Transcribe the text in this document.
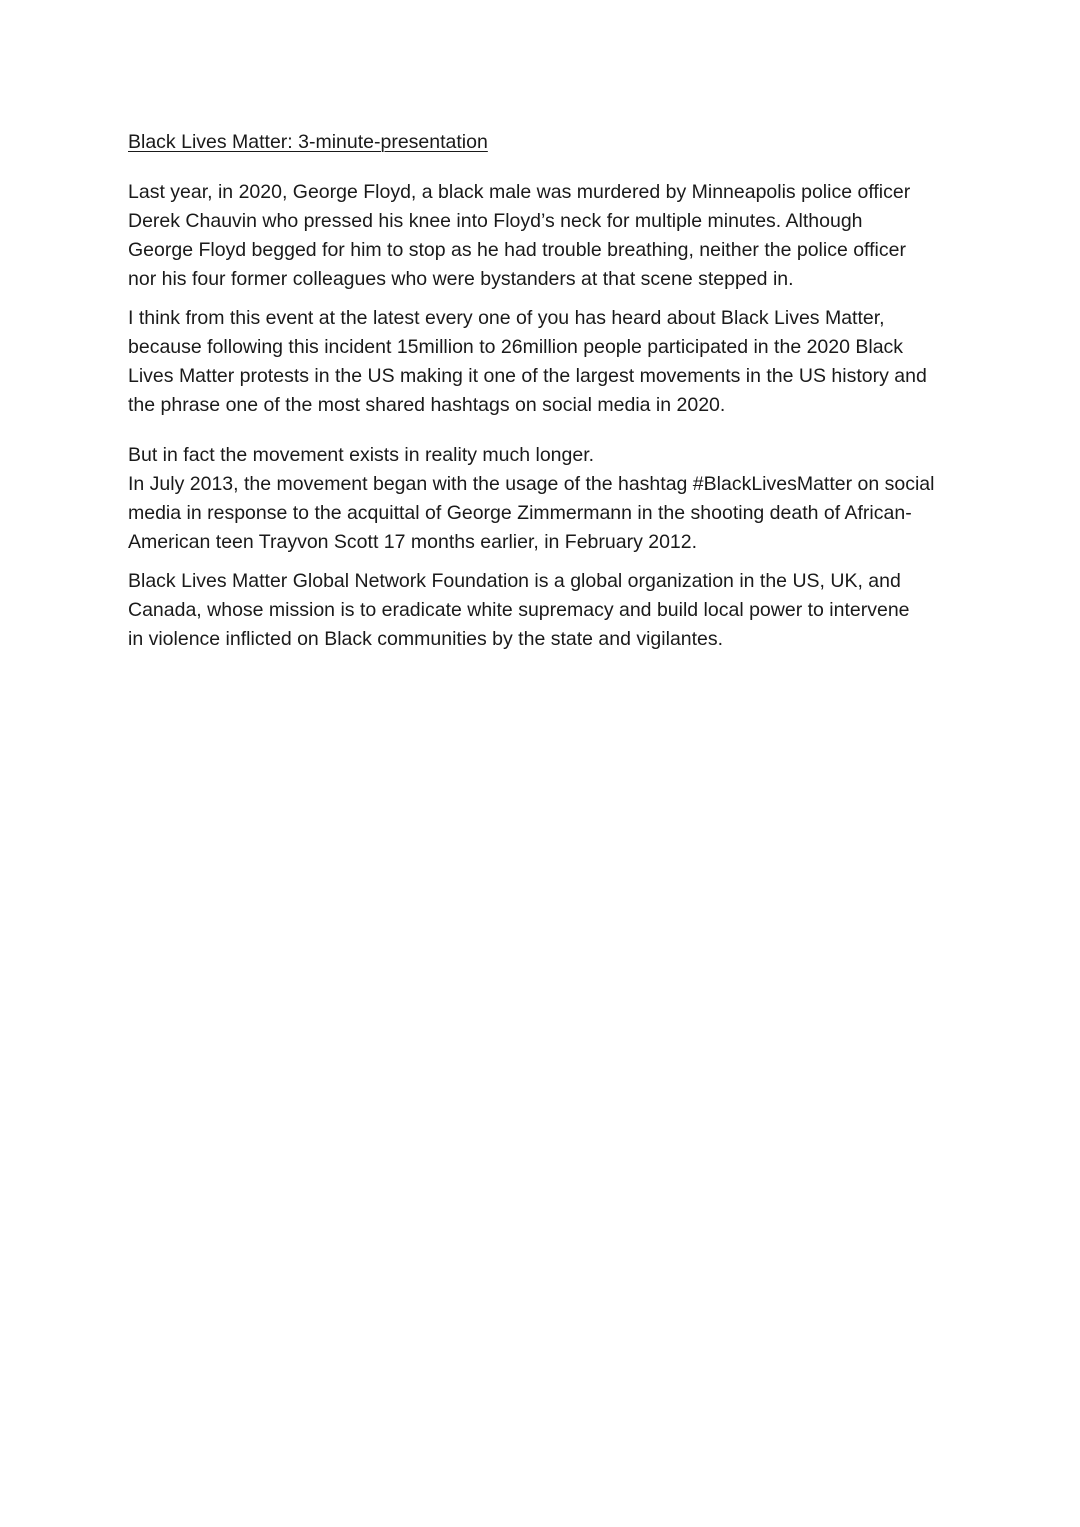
Black Lives Matter: 3-minute-presentation

Last year, in 2020, George Floyd, a black male was murdered by Minneapolis police officer
Derek Chauvin who pressed his knee into Floyd’s neck for multiple minutes. Although
George Floyd begged for him to stop as he had trouble breathing, neither the police officer
nor his four former colleagues who were bystanders at that scene stepped in.

I think from this event at the latest every one of you has heard about Black Lives Matter,
because following this incident 15million to 26million people participated in the 2020 Black
Lives Matter protests in the US making it one of the largest movements in the US history and
the phrase one of the most shared hashtags on social media in 2020.

But in fact the movement exists in reality much longer.

In July 2013, the movement began with the usage of the hashtag #BlackLivesMatter on social
media in response to the acquittal of George Zimmermann in the shooting death of African-
American teen Trayvon Scott 17 months earlier, in February 2012.

Black Lives Matter Global Network Foundation is a global organization in the US, UK, and
Canada, whose mission is to eradicate white supremacy and build local power to intervene
in violence inflicted on Black communities by the state and vigilantes.
